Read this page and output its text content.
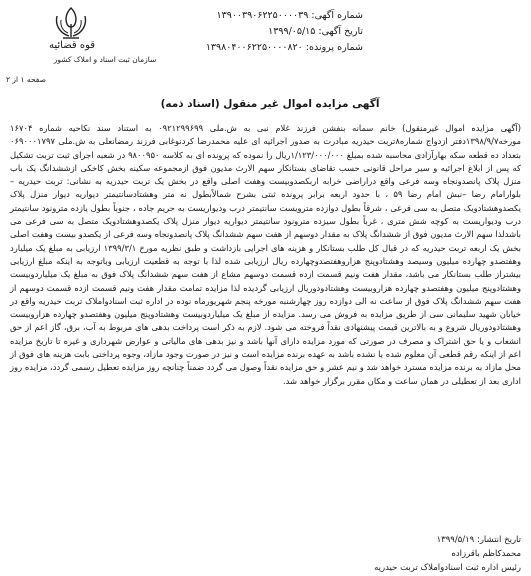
قوه قضائیه
سازمان ثبت اسناد و املاک کشور
صفحه ۱ از ۲
شماره آگهی: ۱۳۹۰۰۳۹۰۶۲۲۵۰۰۰۰۳۹
تاریخ آگهی: ۱۳۹۹/۰۵/۱۵
شماره پرونده: ۱۳۹۸۰۴۰۰۶۲۲۵۰۰۰۰۸۲۰
آگهی مزایده اموال غیر منقول (اسناد ذمه)

(آگهی مزایده اموال غیرمنقول) خانم سمانه بنفشن فرزند غلام نبی به ش.ملی ۰۹۲۱۲۹۹۶۹۹ به استناد سند نکاحیه شماره ۱۶۷۰۴ مورخه۱۳۹۸/۹/۷دفتر ازدواج شماره۸تربت حیدریه مبادرت به صدور اجرائیه ای علیه محمدرضا کردنوغابی فرزند رمضانعلی به ش.ملی ۰۶۹۰۰۰۱۷۹۷ بتعداد ده قطعه سکه بهارآزادی محاسبه شده بمبلغ ۱/۱۲۳/۰۰۰/۰۰۰ریال را نموده که پرونده ای به کلاسه ۹۸۰۰۹۵۰ در شعبه اجرای ثبت تربت تشکیل که پس از ابلاغ اجرائیه و سیر مراحل قانونی حسب تقاضای بستانکار سهم الارث مدیون فوق ازمجموعه سکینه بخش کاخکی ازششدانگ یک باب منزل پلاک پانصدونجاه وسه فرعی واقع دراراضی خرابه اربکصدوبیست وهفت اصلی واقع در بخش یک تربت حیدریه به نشانی: تربت حیدریه – بلوارامام رضا –نبش امام رضا ۵۹ ، با حدود اربعه برابر پرونده ثبتی بشرح شمالاًبطول نه متر وهشتادسانتیمتر دیواریه دیوار منزل پلاک یکصدوهشتادویک متصل به سی فرعی ، شرقاً بطول دوازده مترویست سانتیمتر درب ودیواریست به حریم جاده ، جنوباً بطول یازده مترونود سانتیمتر درب ودیواریست به کوچه شش متری ، غرباً بطول سیزده مترونود سانتیمتر دیواریه دیوار منزل پلاک یکصدوهشتادویک متصل به سی فرعی می باشدلذا سهم الارث مدیون فوق از ششدانگ پلاک به مقدار دوسهم از هفت سهم ششدانگ پلاک پانصدونجاه وسه فرعی از یکصدو بیست وهفت اصلی بخش یک اربعه تربت حیدریه که در قبال کل طلب بستانکار و هزینه های اجرایی بازداشت و طبق نظریه مورخ ۱۳۹۹/۳/۱ ارزیابی به مبلغ یک میلیارد وهفتصدو چهارده میلیون وسیصد وهشتادوپنج هزاروهفتصدوچهارده ریال ارزیابی شده لذا با توجه به قطعیت ارزیابی وباتوجه به اینکه مبلغ ارزیابی بیشتراز طلب بستانکار می باشد، مقدار هفت ونیم قسمت ازده قسمت دوسهم مشاع از هفت سهم ششدانگ پلاک فوق به مبلغ یک میلیاردوبیست وهشتادوپنج میلیون وهفتصدو چهارده هزاروبیست وهشتادودوریال ارزیابی گردیده لذا مزایده تمامت مقدار هفت ونیم قسمت ازده قسمت دوسهم از هفت سهم ششدانگ پلاک فوق از ساعت نه الی دوازده روز چهارشنبه مورخه پنجم شهریورماه نوده در اداره ثبت اسنادواملاک تربت حیدریه واقع در خیابان شهید سلیمانی سی از طریق مزایده به فروش می رسد. مزایده از مبلغ یک میلیاردوبیست وهشتادوپنج میلیون وهفتصدو چهارده هزاروبیست وهشتادودوریال شروع و به بالاترین قیمت پیشنهادی نقداً فروخته می شود. لازم به ذکر است پرداخت بدهی های مربوط به آب، برق، گاز اعم از حق انشعاب و یا حق اشتراک و مصرف در صورتی که مورد مزایده دارای آنها باشد و نیز بدهی های مالیاتی و عوارض شهرداری و غیره تا تاریخ مزایده اعم از اینکه رقم قطعی آن معلوم شده یا نشده باشد به عهده برنده مزایده است و نیز در صورت وجود مازاد، وجوه پرداختی بابت هزینه های فوق از محل مازاد به برنده مزایده مسترد خواهد شد و نیم عشر و حق مزایده نقداً وصول می گردد ضمناً چنانچه روز مزایده تعطیل رسمی گردد، مزایده روز اداری بعد از تعطیلی در همان ساعت و مکان مقرر برگزار خواهد شد.

تاریخ انتشار: ۱۳۹۹/۵/۱۹
محمدکاظم باقرزاده
رئیس اداره ثبت اسنادواملاک تربت حیدریه
